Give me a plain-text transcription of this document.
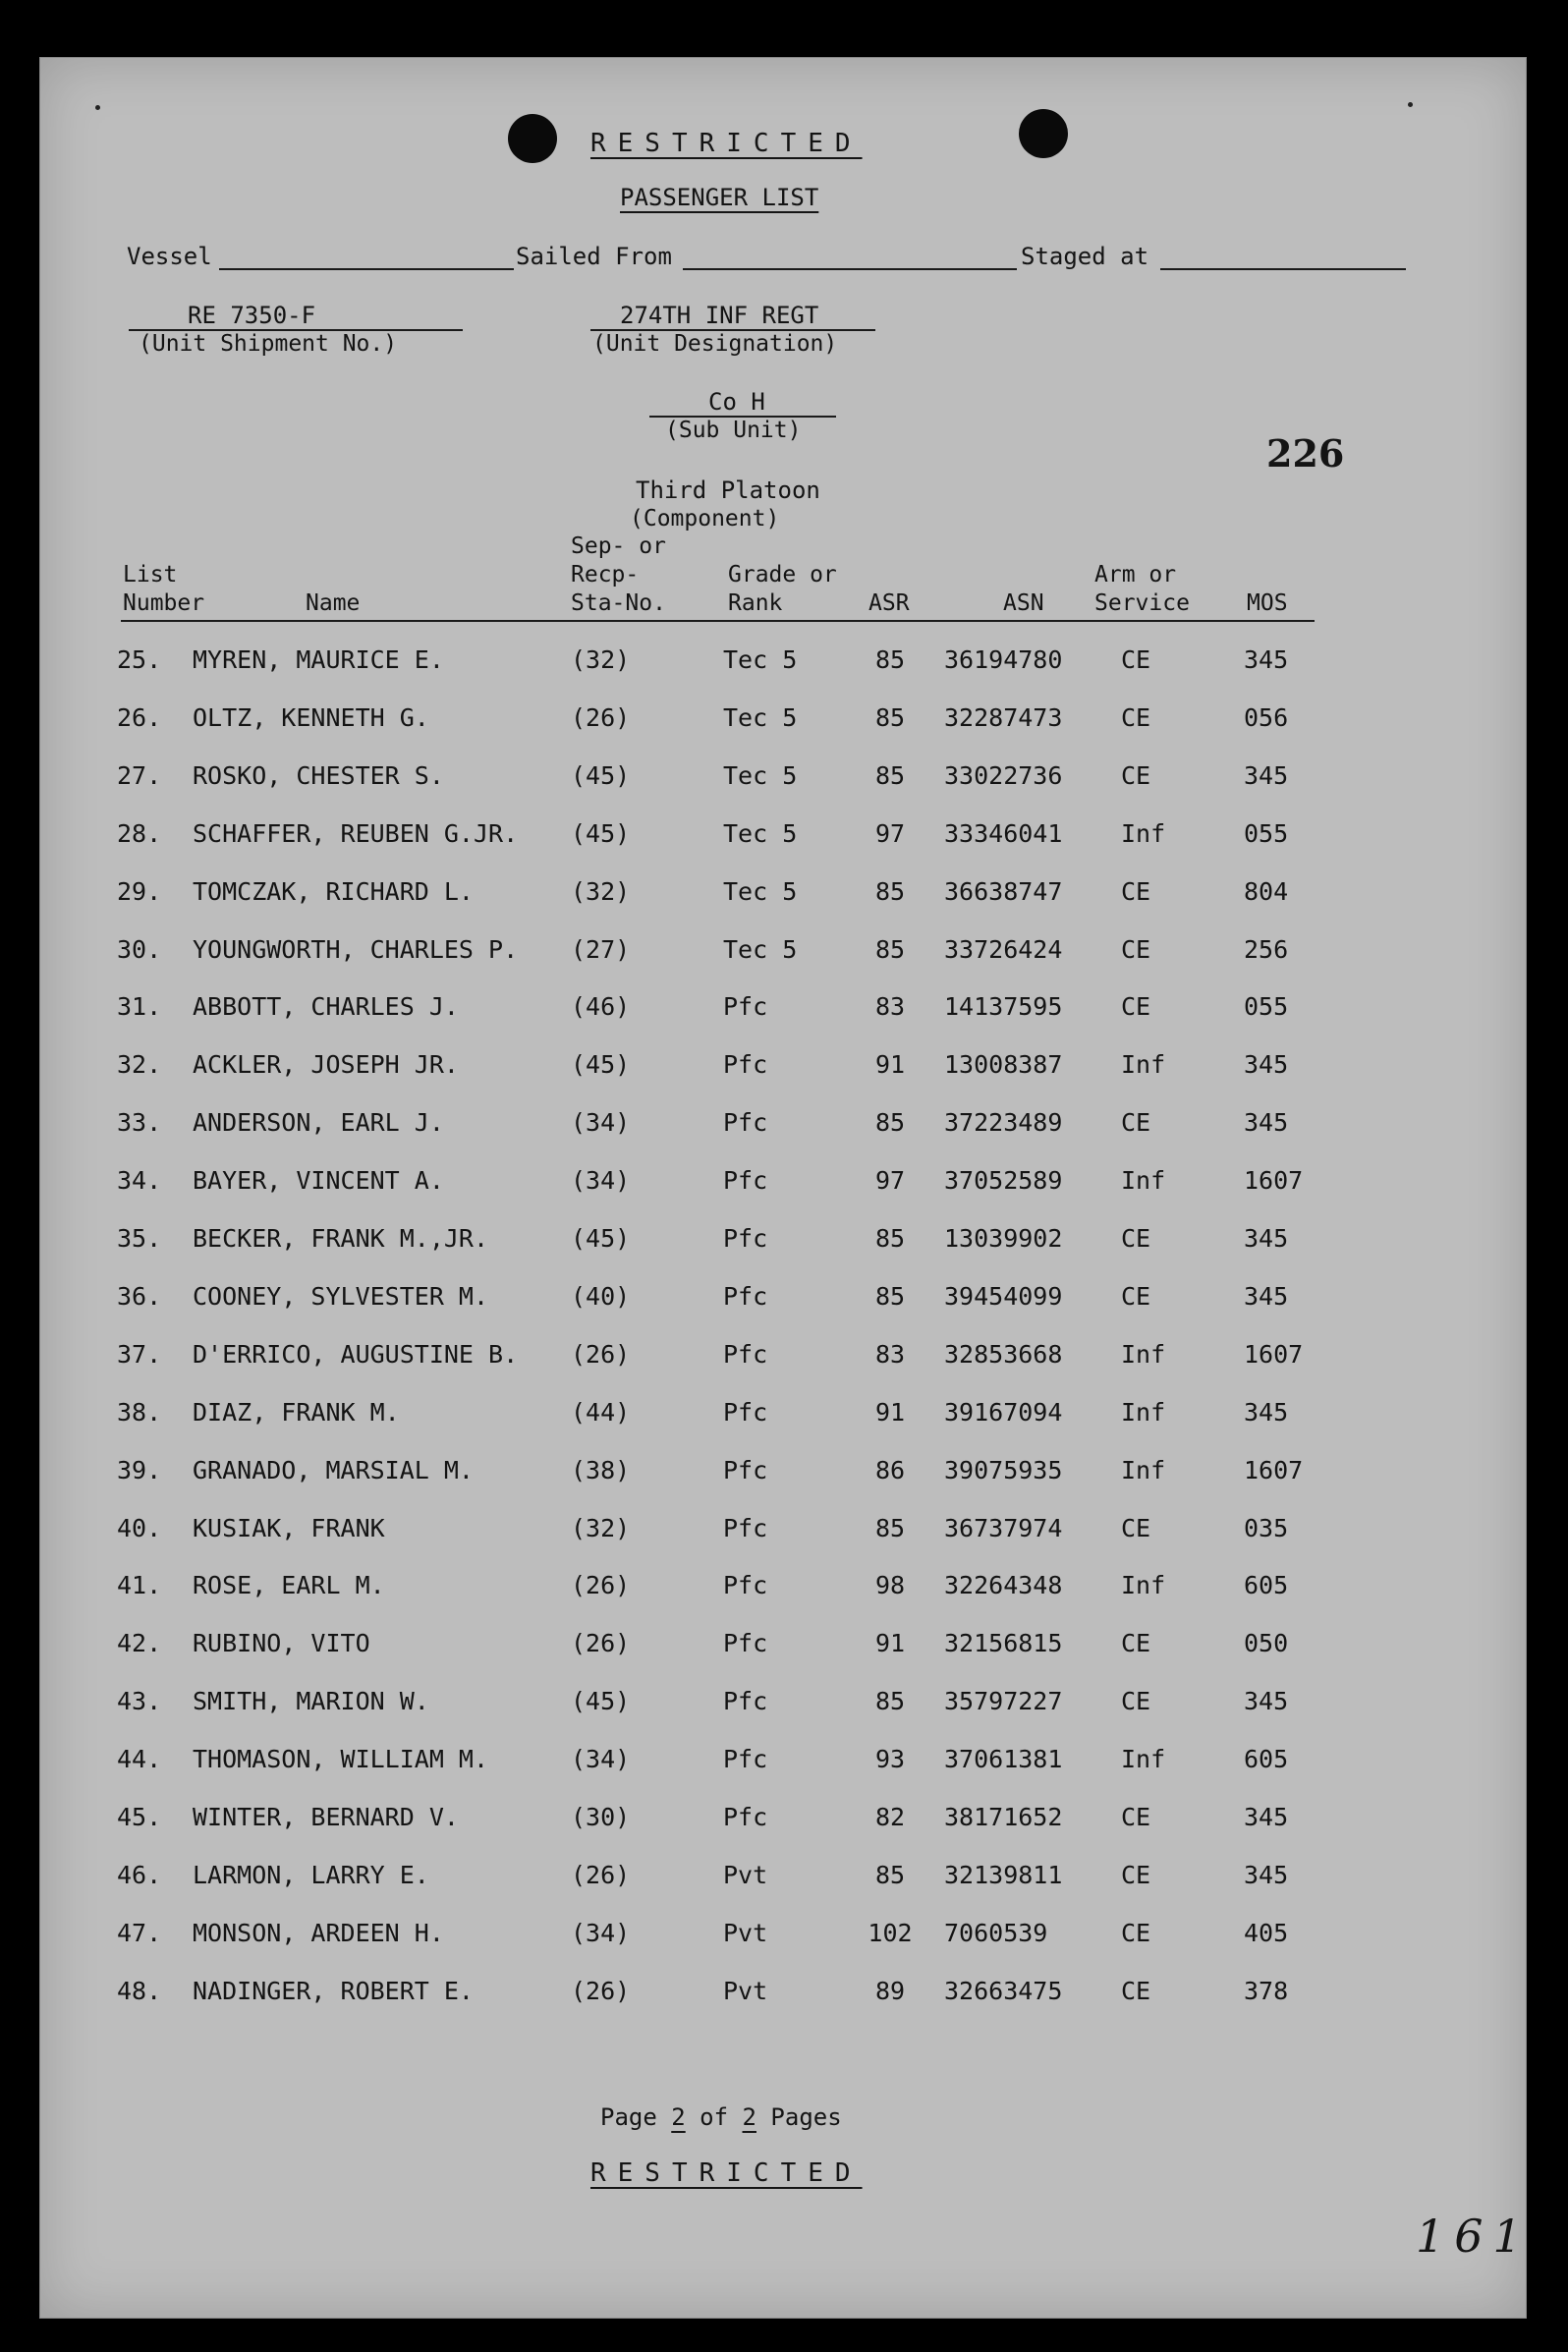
RESTRICTED
PASSENGER LIST
Vessel	Sailed From	Staged at
RE 7350-F
(Unit Shipment No.)
274TH INF REGT
(Unit Designation)
Co H
(Sub Unit)
226
Third Platoon
(Component)
List
Number	Name
Sep- or
Recp-
Sta-No.
Grade or
Rank	ASR	ASN
Arm or
Service	MOS
25. MYREN, MAURICE E.	(32)	Tec 5	85	36194780 CE	345
26. OLTZ, KENNETH G.	(26)	Tec 5	85	32287473 CE	056
27. ROSKO, CHESTER S.	(45)	Tec 5	85	33022736 CE	345
28. SCHAFFER, REUBEN G.JR. (45)	Tec 5	97	33346041 Inf	055
29. TOMCZAK, RICHARD L.	(32)	Tec 5	85	36638747 CE	804
30. YOUNGWORTH, CHARLES P. (27)	Tec 5	85	33726424 CE	256
31. ABBOTT, CHARLES J.	(46)	Pfc	83	14137595 CE	055
32. ACKLER, JOSEPH JR.	(45)	Pfc	91	13008387 Inf	345
33. ANDERSON, EARL J.	(34)	Pfc	85	37223489 CE	345
34. BAYER, VINCENT A.	(34)	Pfc	97	37052589 Inf	1607
35. BECKER, FRANK M.,JR.	(45)	Pfc	85	13039902 CE	345
36. COONEY, SYLVESTER M.	(40)	Pfc	85	39454099 CE	345
37. D'ERRICO, AUGUSTINE B. (26)	Pfc	83	32853668 Inf	1607
38. DIAZ, FRANK M.	(44)	Pfc	91	39167094 Inf	345
39. GRANADO, MARSIAL M.	(38)	Pfc	86	39075935 Inf	1607
40. KUSIAK, FRANK	(32)	Pfc	85	36737974 CE	035
41. ROSE, EARL M.	(26)	Pfc	98	32264348 Inf	605
42. RUBINO, VITO	(26)	Pfc	91	32156815 CE	050
43. SMITH, MARION W.	(45)	Pfc	85	35797227 CE	345
44. THOMASON, WILLIAM M.	(34)	Pfc	93	37061381 Inf	605
45. WINTER, BERNARD V.	(30)	Pfc	82	38171652 CE	345
46. LARMON, LARRY E.	(26)	Pvt	85	32139811 CE	345
47. MONSON, ARDEEN H.	(34)	Pvt	102	7060539	CE	405
48. NADINGER, ROBERT E.	(26)	Pvt	89	32663475 CE	378
Page 2 of 2 Pages
RESTRICTED
161
